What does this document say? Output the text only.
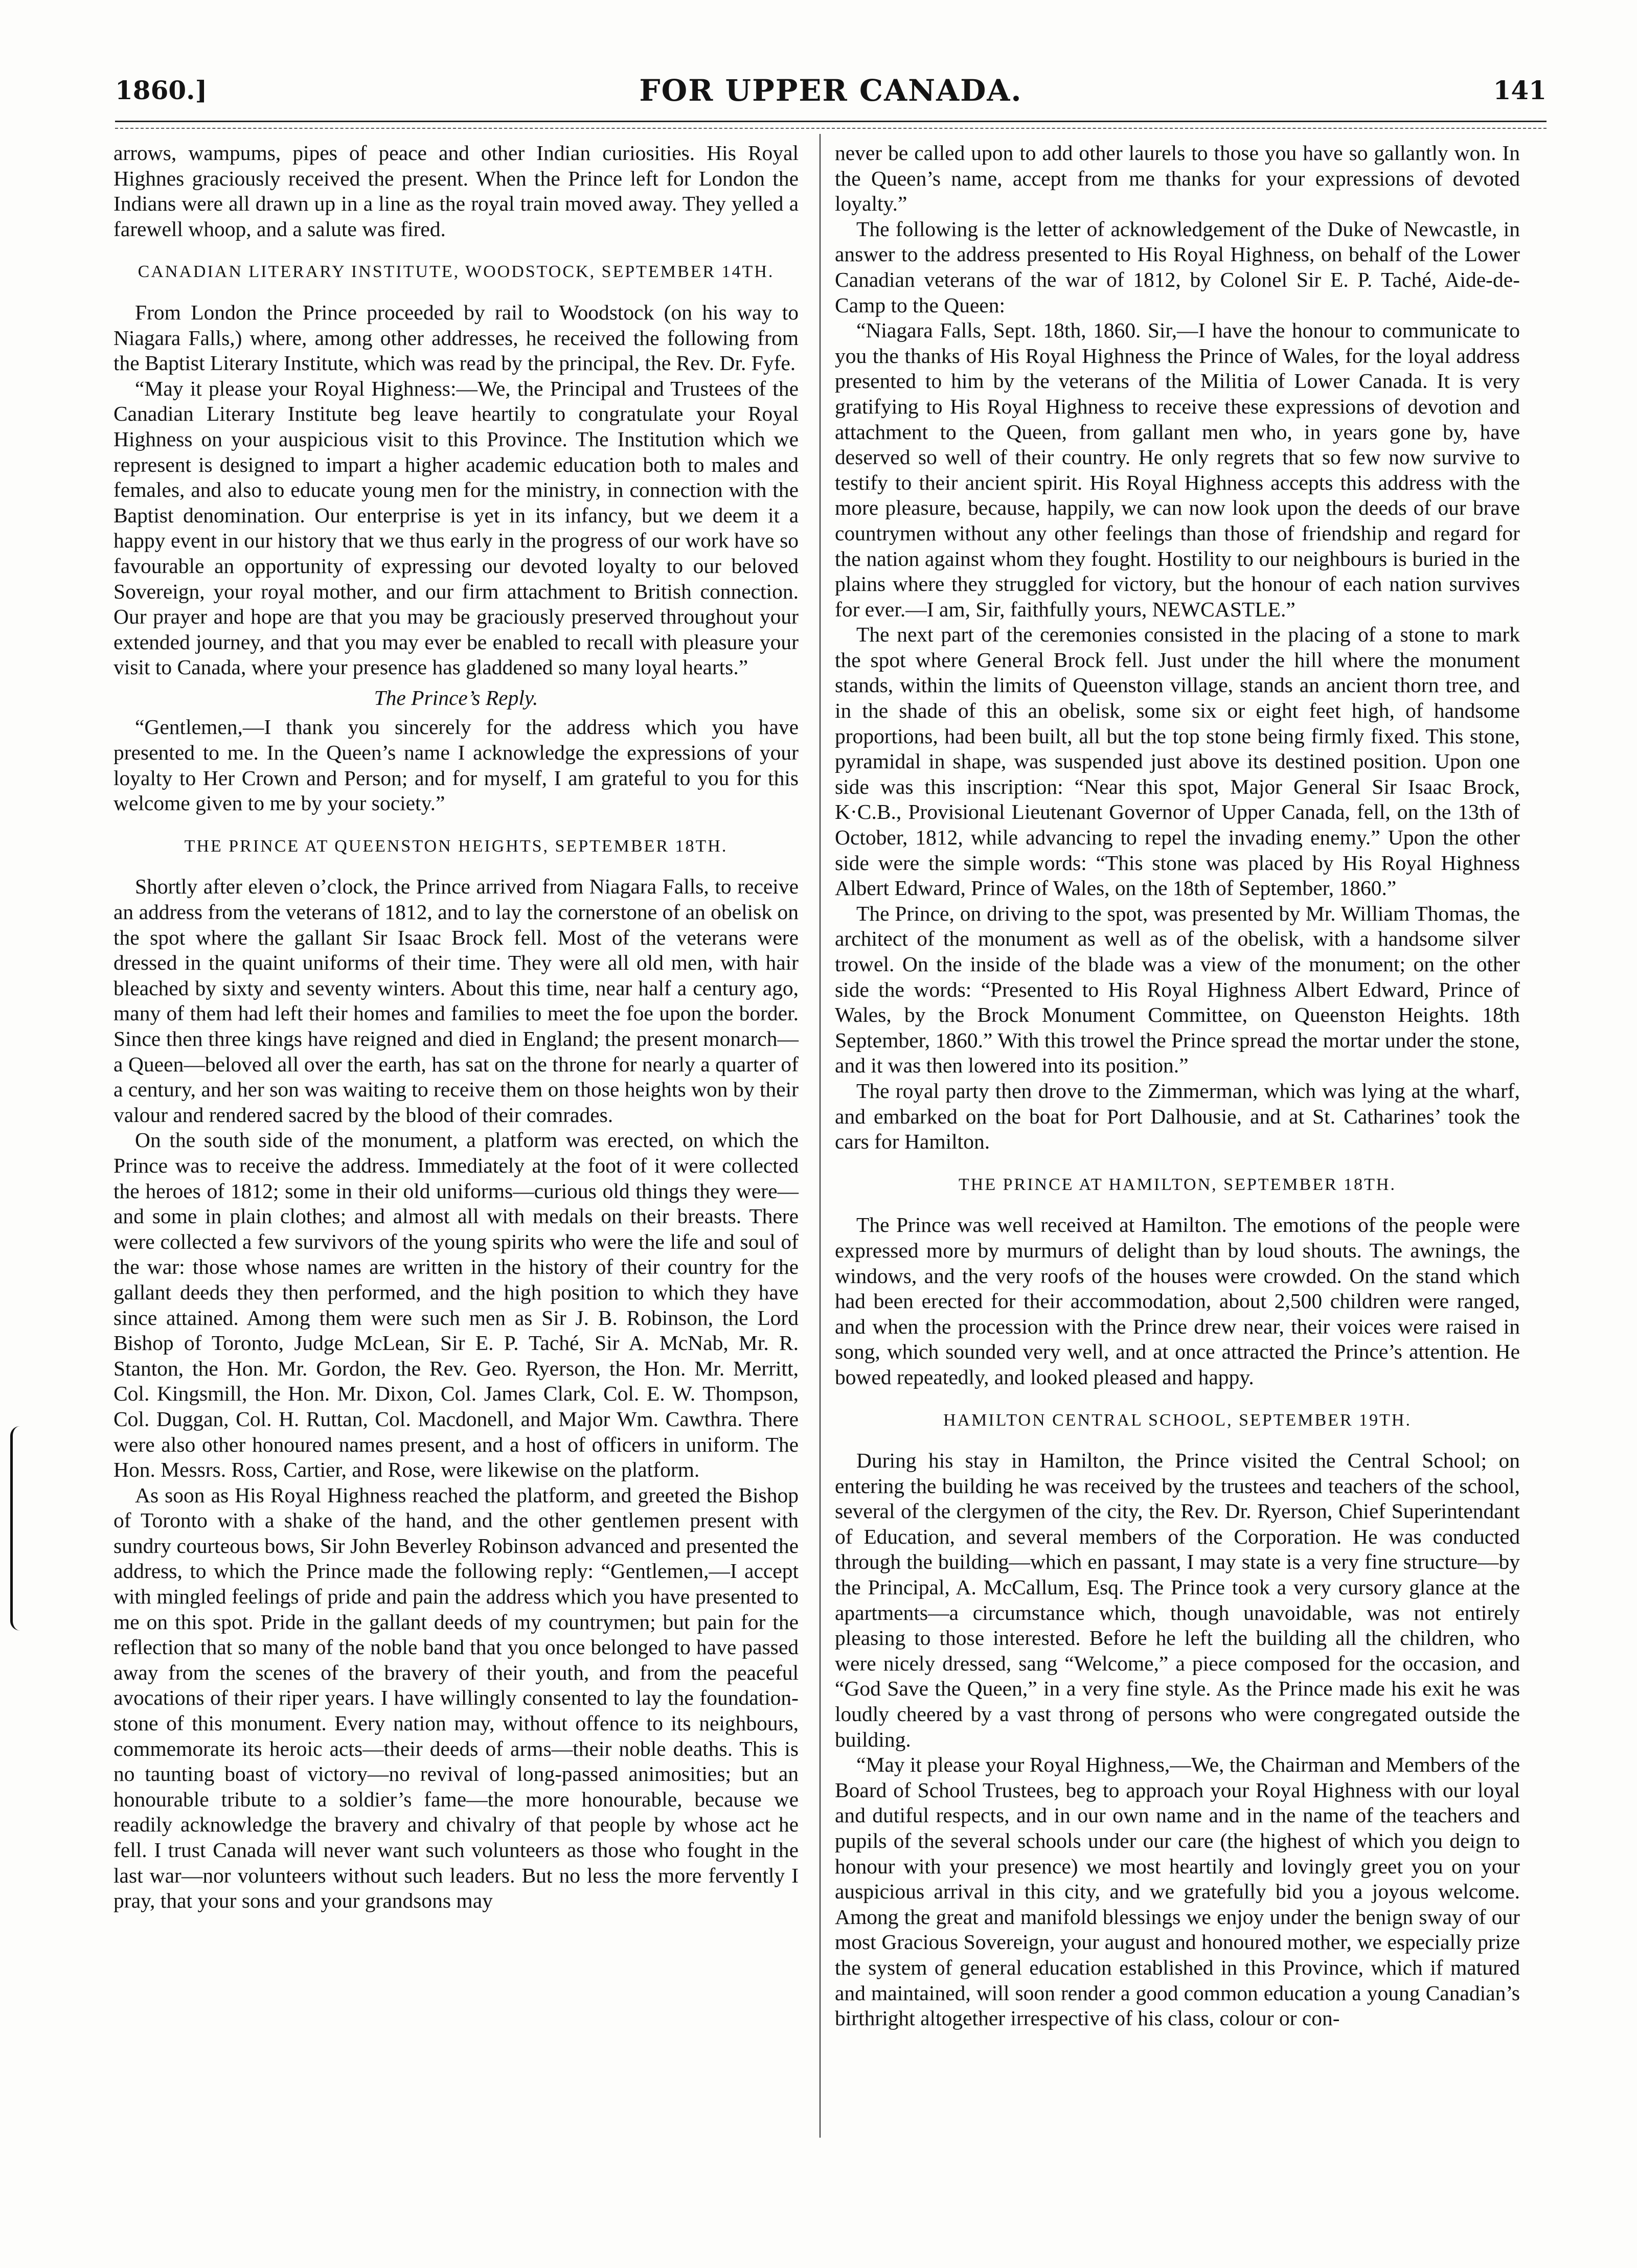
1860.]	FOR UPPER CANADA.	141

arrows, wampums, pipes of peace and other Indian curiosities. His Royal Highnes graciously received the present. When the Prince left for London the Indians were all drawn up in a line as the royal train moved away. They yelled a farewell whoop, and a salute was fired.

CANADIAN LITERARY INSTITUTE, WOODSTOCK, SEPTEMBER 14TH.

From London the Prince proceeded by rail to Woodstock (on his way to Niagara Falls,) where, among other addresses, he received the following from the Baptist Literary Institute, which was read by the principal, the Rev. Dr. Fyfe.

“May it please your Royal Highness:—We, the Principal and Trustees of the Canadian Literary Institute beg leave heartily to congratulate your Royal Highness on your auspicious visit to this Province. The Institution which we represent is designed to impart a higher academic education both to males and females, and also to educate young men for the ministry, in connection with the Baptist denomination. Our enterprise is yet in its infancy, but we deem it a happy event in our history that we thus early in the progress of our work have so favourable an opportunity of expressing our devoted loyalty to our beloved Sovereign, your royal mother, and our firm attachment to British connection. Our prayer and hope are that you may be graciously preserved throughout your extended journey, and that you may ever be enabled to recall with pleasure your visit to Canada, where your presence has gladdened so many loyal hearts.”

The Prince’s Reply.

“Gentlemen,—I thank you sincerely for the address which you have presented to me. In the Queen’s name I acknowledge the expressions of your loyalty to Her Crown and Person; and for myself, I am grateful to you for this welcome given to me by your society.”

THE PRINCE AT QUEENSTON HEIGHTS, SEPTEMBER 18TH.

Shortly after eleven o’clock, the Prince arrived from Niagara Falls, to receive an address from the veterans of 1812, and to lay the cornerstone of an obelisk on the spot where the gallant Sir Isaac Brock fell. Most of the veterans were dressed in the quaint uniforms of their time. They were all old men, with hair bleached by sixty and seventy winters. About this time, near half a century ago, many of them had left their homes and families to meet the foe upon the border. Since then three kings have reigned and died in England; the present monarch—a Queen—beloved all over the earth, has sat on the throne for nearly a quarter of a century, and her son was waiting to receive them on those heights won by their valour and rendered sacred by the blood of their comrades.

On the south side of the monument, a platform was erected, on which the Prince was to receive the address. Immediately at the foot of it were collected the heroes of 1812; some in their old uniforms—curious old things they were—and some in plain clothes; and almost all with medals on their breasts. There were collected a few survivors of the young spirits who were the life and soul of the war: those whose names are written in the history of their country for the gallant deeds they then performed, and the high position to which they have since attained. Among them were such men as Sir J. B. Robinson, the Lord Bishop of Toronto, Judge McLean, Sir E. P. Taché, Sir A. McNab, Mr. R. Stanton, the Hon. Mr. Gordon, the Rev. Geo. Ryerson, the Hon. Mr. Merritt, Col. Kingsmill, the Hon. Mr. Dixon, Col. James Clark, Col. E. W. Thompson, Col. Duggan, Col. H. Ruttan, Col. Macdonell, and Major Wm. Cawthra. There were also other honoured names present, and a host of officers in uniform. The Hon. Messrs. Ross, Cartier, and Rose, were likewise on the platform.

As soon as His Royal Highness reached the platform, and greeted the Bishop of Toronto with a shake of the hand, and the other gentlemen present with sundry courteous bows, Sir John Beverley Robinson advanced and presented the address, to which the Prince made the following reply: “Gentlemen,—I accept with mingled feelings of pride and pain the address which you have presented to me on this spot. Pride in the gallant deeds of my countrymen; but pain for the reflection that so many of the noble band that you once belonged to have passed away from the scenes of the bravery of their youth, and from the peaceful avocations of their riper years. I have willingly consented to lay the foundation-stone of this monument. Every nation may, without offence to its neighbours, commemorate its heroic acts—their deeds of arms—their noble deaths. This is no taunting boast of victory—no revival of long-passed animosities; but an honourable tribute to a soldier’s fame—the more honourable, because we readily acknowledge the bravery and chivalry of that people by whose act he fell. I trust Canada will never want such volunteers as those who fought in the last war—nor volunteers without such leaders. But no less the more fervently I pray, that your sons and your grandsons may

never be called upon to add other laurels to those you have so gallantly won. In the Queen’s name, accept from me thanks for your expressions of devoted loyalty.”

The following is the letter of acknowledgement of the Duke of Newcastle, in answer to the address presented to His Royal Highness, on behalf of the Lower Canadian veterans of the war of 1812, by Colonel Sir E. P. Taché, Aide-de-Camp to the Queen:

“Niagara Falls, Sept. 18th, 1860. Sir,—I have the honour to communicate to you the thanks of His Royal Highness the Prince of Wales, for the loyal address presented to him by the veterans of the Militia of Lower Canada. It is very gratifying to His Royal Highness to receive these expressions of devotion and attachment to the Queen, from gallant men who, in years gone by, have deserved so well of their country. He only regrets that so few now survive to testify to their ancient spirit. His Royal Highness accepts this address with the more pleasure, because, happily, we can now look upon the deeds of our brave countrymen without any other feelings than those of friendship and regard for the nation against whom they fought. Hostility to our neighbours is buried in the plains where they struggled for victory, but the honour of each nation survives for ever.—I am, Sir, faithfully yours, NEWCASTLE.”

The next part of the ceremonies consisted in the placing of a stone to mark the spot where General Brock fell. Just under the hill where the monument stands, within the limits of Queenston village, stands an ancient thorn tree, and in the shade of this an obelisk, some six or eight feet high, of handsome proportions, had been built, all but the top stone being firmly fixed. This stone, pyramidal in shape, was suspended just above its destined position. Upon one side was this inscription: “Near this spot, Major General Sir Isaac Brock, K·C.B., Provisional Lieutenant Governor of Upper Canada, fell, on the 13th of October, 1812, while advancing to repel the invading enemy.” Upon the other side were the simple words: “This stone was placed by His Royal Highness Albert Edward, Prince of Wales, on the 18th of September, 1860.”

The Prince, on driving to the spot, was presented by Mr. William Thomas, the architect of the monument as well as of the obelisk, with a handsome silver trowel. On the inside of the blade was a view of the monument; on the other side the words: “Presented to His Royal Highness Albert Edward, Prince of Wales, by the Brock Monument Committee, on Queenston Heights. 18th September, 1860.” With this trowel the Prince spread the mortar under the stone, and it was then lowered into its position.”

The royal party then drove to the Zimmerman, which was lying at the wharf, and embarked on the boat for Port Dalhousie, and at St. Catharines’ took the cars for Hamilton.

THE PRINCE AT HAMILTON, SEPTEMBER 18TH.

The Prince was well received at Hamilton. The emotions of the people were expressed more by murmurs of delight than by loud shouts. The awnings, the windows, and the very roofs of the houses were crowded. On the stand which had been erected for their accommodation, about 2,500 children were ranged, and when the procession with the Prince drew near, their voices were raised in song, which sounded very well, and at once attracted the Prince’s attention. He bowed repeatedly, and looked pleased and happy.

HAMILTON CENTRAL SCHOOL, SEPTEMBER 19TH.

During his stay in Hamilton, the Prince visited the Central School; on entering the building he was received by the trustees and teachers of the school, several of the clergymen of the city, the Rev. Dr. Ryerson, Chief Superintendant of Education, and several members of the Corporation. He was conducted through the building—which en passant, I may state is a very fine structure—by the Principal, A. McCallum, Esq. The Prince took a very cursory glance at the apartments—a circumstance which, though unavoidable, was not entirely pleasing to those interested. Before he left the building all the children, who were nicely dressed, sang “Welcome,” a piece composed for the occasion, and “God Save the Queen,” in a very fine style. As the Prince made his exit he was loudly cheered by a vast throng of persons who were congregated outside the building.

“May it please your Royal Highness,—We, the Chairman and Members of the Board of School Trustees, beg to approach your Royal Highness with our loyal and dutiful respects, and in our own name and in the name of the teachers and pupils of the several schools under our care (the highest of which you deign to honour with your presence) we most heartily and lovingly greet you on your auspicious arrival in this city, and we gratefully bid you a joyous welcome. Among the great and manifold blessings we enjoy under the benign sway of our most Gracious Sovereign, your august and honoured mother, we especially prize the system of general education established in this Province, which if matured and maintained, will soon render a good common education a young Canadian’s birthright altogether irrespective of his class, colour or con-
